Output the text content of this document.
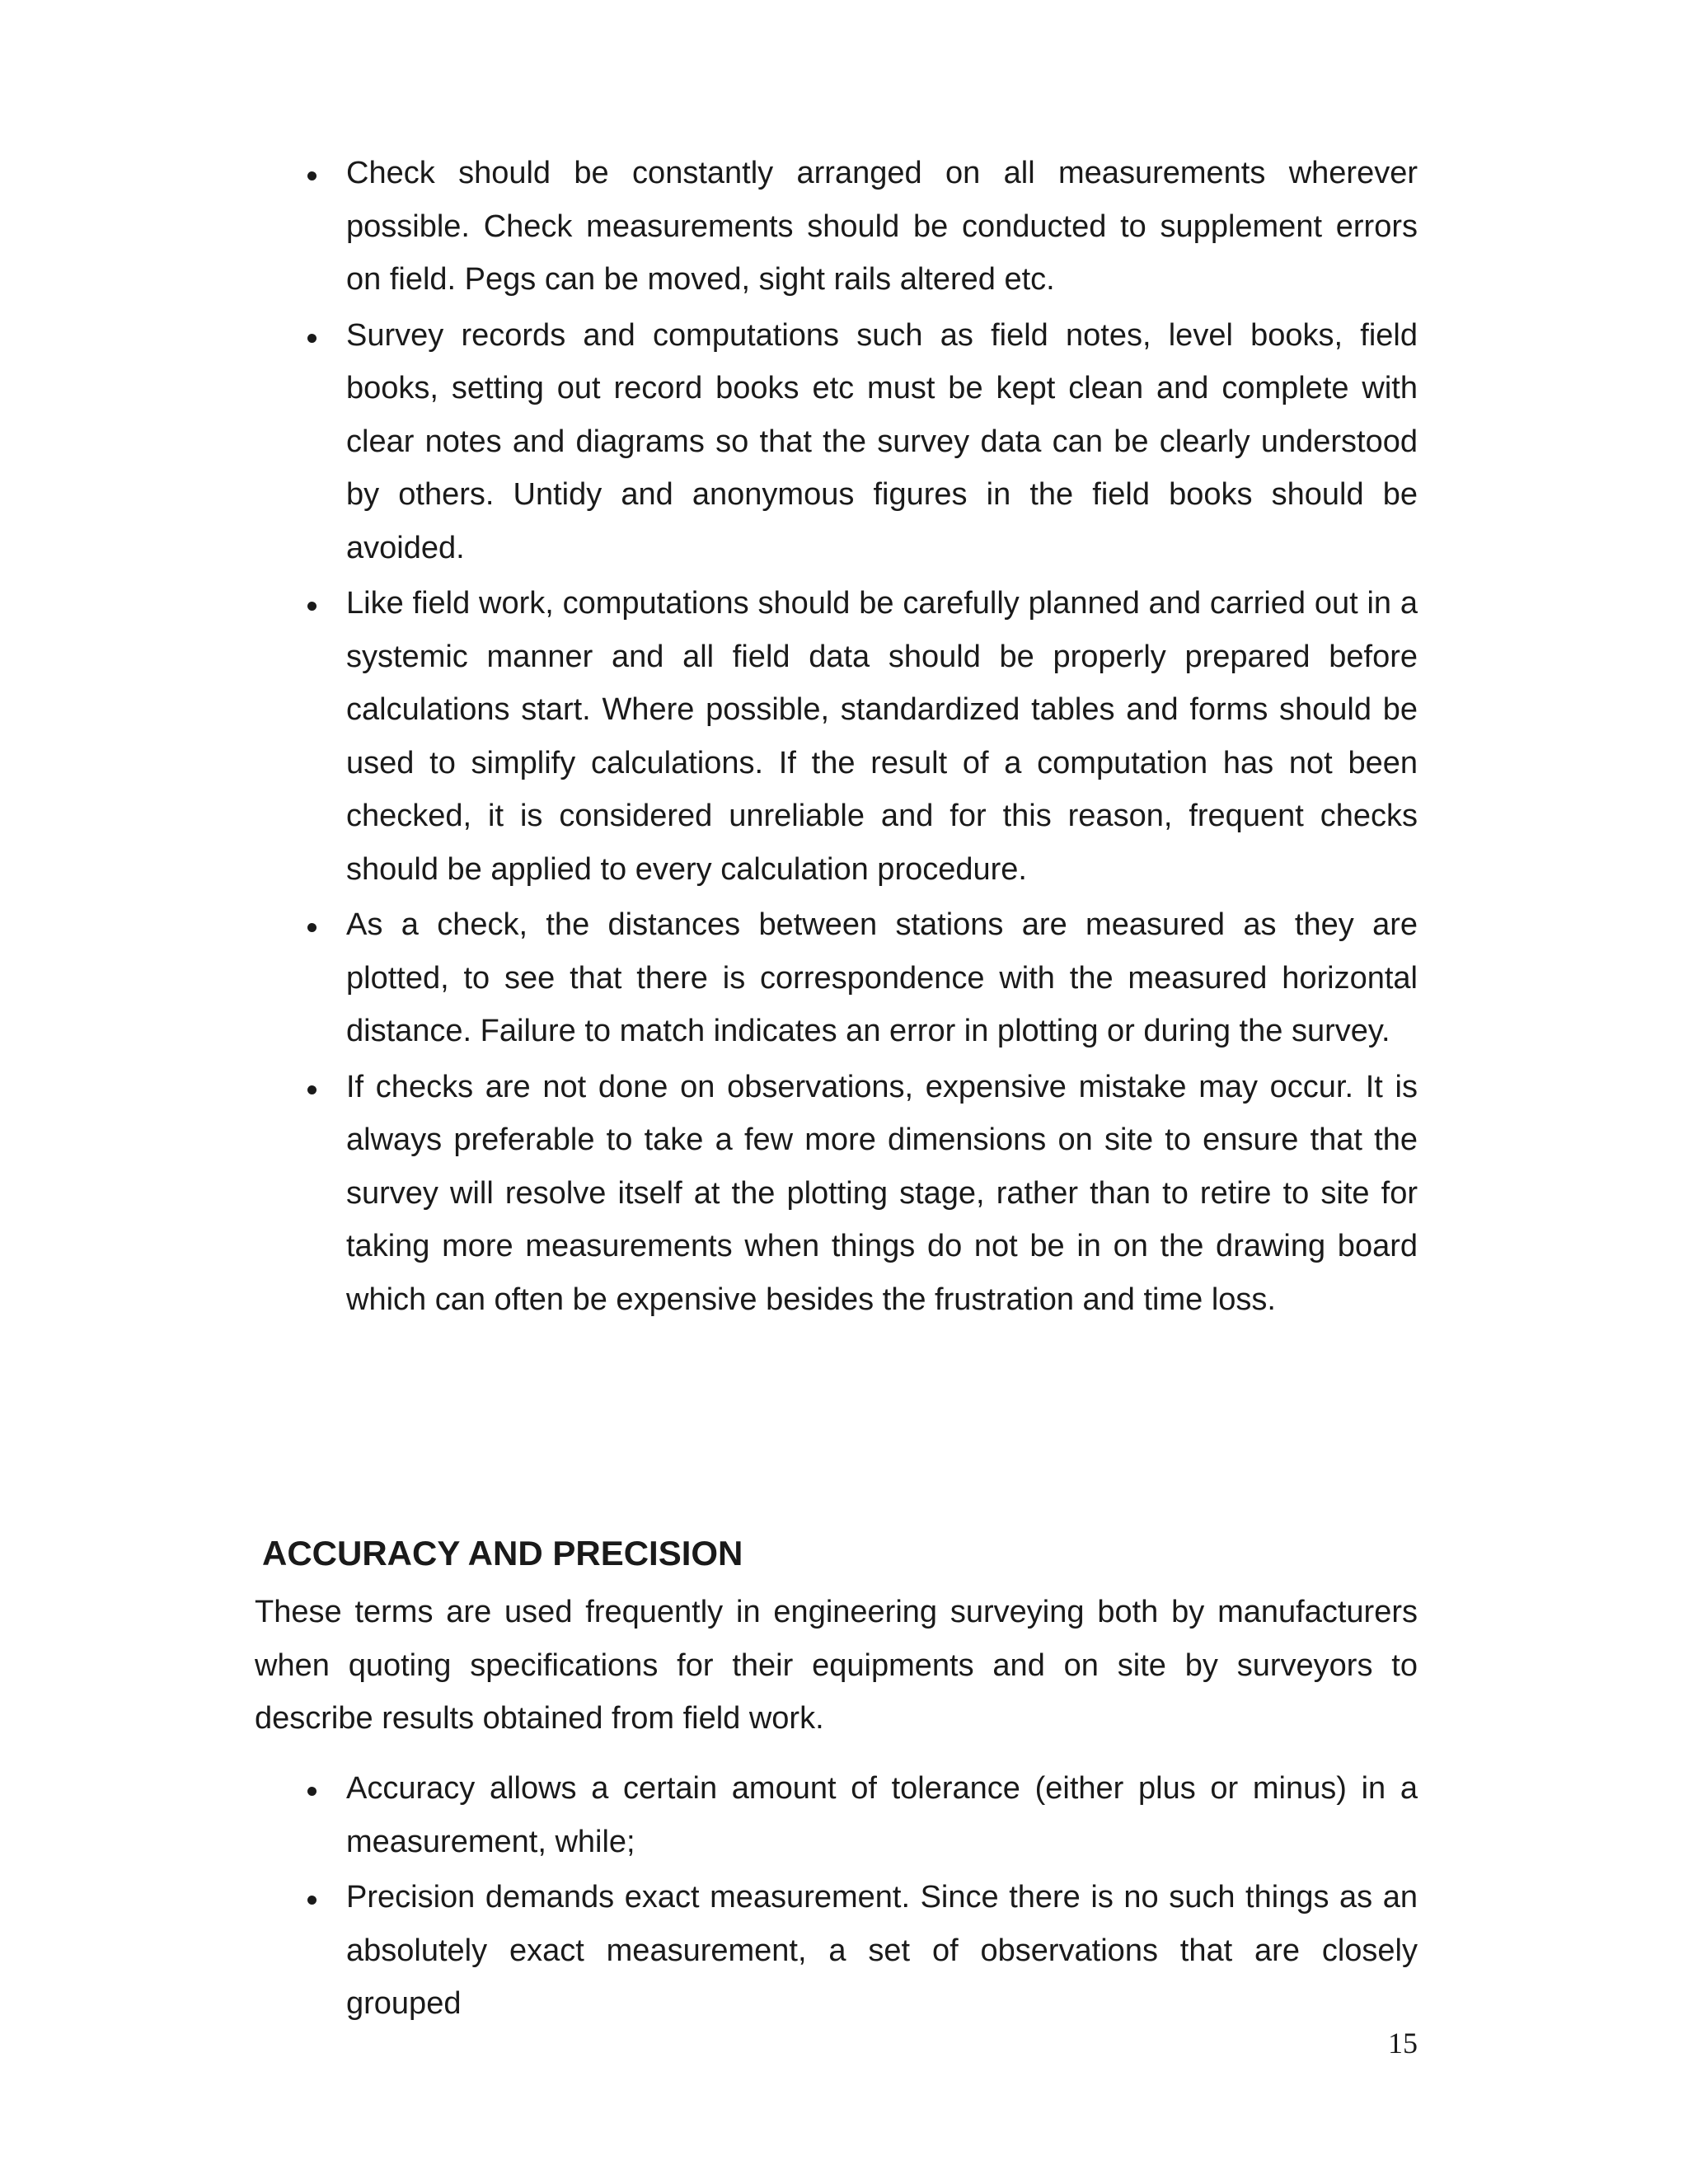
Check should be constantly arranged on all measurements wherever possible. Check measurements should be conducted to supplement errors on field. Pegs can be moved, sight rails altered etc.
Survey records and computations such as field notes, level books, field books, setting out record books etc must be kept clean and complete with clear notes and diagrams so that the survey data can be clearly understood by others. Untidy and anonymous figures in the field books should be avoided.
Like field work, computations should be carefully planned and carried out in a systemic manner and all field data should be properly prepared before calculations start. Where possible, standardized tables and forms should be used to simplify calculations. If the result of a computation has not been checked, it is considered unreliable and for this reason, frequent checks should be applied to every calculation procedure.
As a check, the distances between stations are measured as they are plotted, to see that there is correspondence with the measured horizontal distance. Failure to match indicates an error in plotting or during the survey.
If checks are not done on observations, expensive mistake may occur. It is always preferable to take a few more dimensions on site to ensure that the survey will resolve itself at the plotting stage, rather than to retire to site for taking more measurements when things do not be in on the drawing board which can often be expensive besides the frustration and time loss.
ACCURACY AND PRECISION

These terms are used frequently in engineering surveying both by manufacturers when quoting specifications for their equipments and on site by surveyors to describe results obtained from field work.

Accuracy allows a certain amount of tolerance (either plus or minus) in a measurement, while;
Precision demands exact measurement. Since there is no such things as an absolutely exact measurement, a set of observations that are closely grouped
15
